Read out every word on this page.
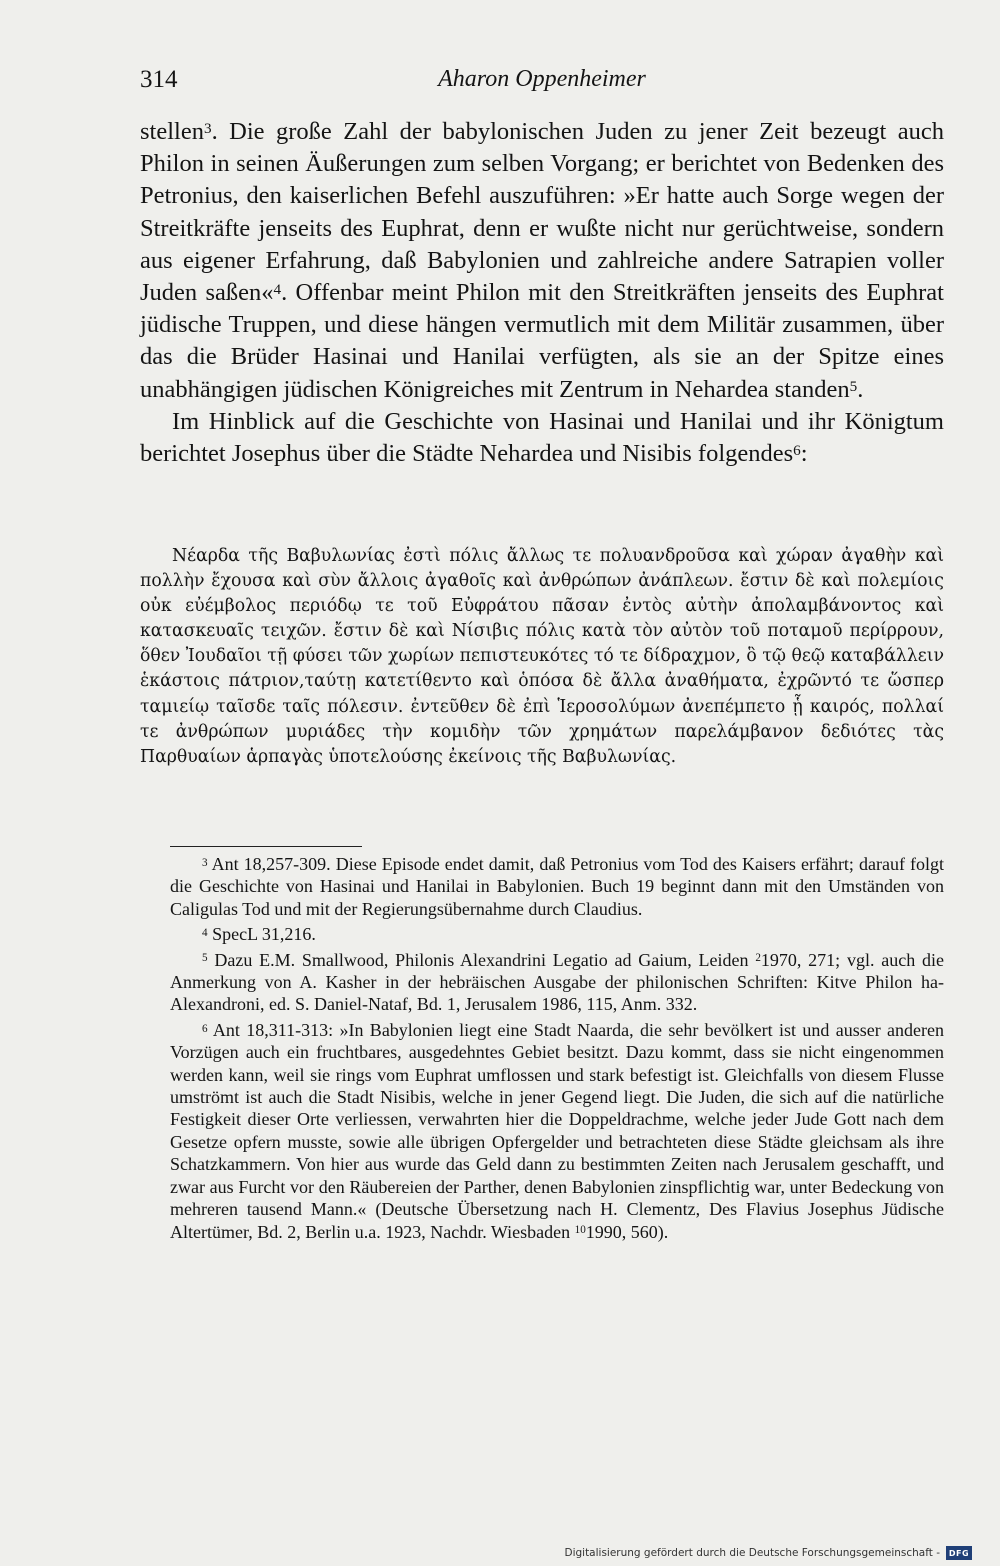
314	Aharon Oppenheimer

stellen$^3$. Die große Zahl der babylonischen Juden zu jener Zeit bezeugt auch Philon in seinen Äußerungen zum selben Vorgang; er berichtet von Bedenken des Petronius, den kaiserlichen Befehl auszuführen: »Er hatte auch Sorge wegen der Streitkräfte jenseits des Euphrat, denn er wußte nicht nur gerüchtweise, sondern aus eigener Erfahrung, daß Babylonien und zahlreiche andere Satrapien voller Juden saßen«$^4$. Offenbar meint Philon mit den Streitkräften jenseits des Euphrat jüdische Truppen, und diese hängen vermutlich mit dem Militär zusammen, über das die Brüder Hasinai und Hanilai verfügten, als sie an der Spitze eines unabhängigen jüdischen Königreiches mit Zentrum in Nehardea standen$^5$.

Im Hinblick auf die Geschichte von Hasinai und Hanilai und ihr Königtum berichtet Josephus über die Städte Nehardea und Nisibis folgendes$^6$:

Νέαρδα τῆς Βαβυλωνίας ἐστὶ πόλις ἄλλως τε πολυανδροῦσα καὶ χώραν ἀγαθὴν καὶ πολλὴν ἔχουσα καὶ σὺν ἄλλοις ἀγαθοῖς καὶ ἀνθρώπων ἀνάπλεων. ἔστιν δὲ καὶ πολεμίοις οὐκ εὐέμβολος περιόδῳ τε τοῦ Εὐφράτου πᾶσαν ἐντὸς αὐτὴν ἀπολαμβάνοντος καὶ κατασκευαῖς τειχῶν. ἔστιν δὲ καὶ Νίσιβις πόλις κατὰ τὸν αὐτὸν τοῦ ποταμοῦ περίρρουν, ὅθεν Ἰουδαῖοι τῇ φύσει τῶν χωρίων πεπιστευκότες τό τε δίδραχμον, ὃ τῷ θεῷ καταβάλλειν ἑκάστοις πάτριον,ταύτῃ κατετίθεντο καὶ ὁπόσα δὲ ἄλλα ἀναθήματα, ἐχρῶντό τε ὥσπερ ταμιείῳ ταῖσδε ταῖς πόλεσιν. ἐντεῦθεν δὲ ἐπὶ Ἱεροσολύμων ἀνεπέμπετο ᾗ καιρός, πολλαί τε ἀνθρώπων μυριάδες τὴν κομιδὴν τῶν χρημάτων παρελάμβανον δεδιότες τὰς Παρθυαίων ἁρπαγὰς ὑποτελούσης ἐκείνοις τῆς Βαβυλωνίας.

$^3$ Ant 18,257-309. Diese Episode endet damit, daß Petronius vom Tod des Kaisers erfährt; darauf folgt die Geschichte von Hasinai und Hanilai in Babylonien. Buch 19 beginnt dann mit den Umständen von Caligulas Tod und mit der Regierungsübernahme durch Claudius.

$^4$ SpecL 31,216.

$^5$ Dazu E.M. Smallwood, Philonis Alexandrini Legatio ad Gaium, Leiden $^2$1970, 271; vgl. auch die Anmerkung von A. Kasher in der hebräischen Ausgabe der philonischen Schriften: Kitve Philon ha-Alexandroni, ed. S. Daniel-Nataf, Bd. 1, Jerusalem 1986, 115, Anm. 332.

$^6$ Ant 18,311-313: »In Babylonien liegt eine Stadt Naarda, die sehr bevölkert ist und ausser anderen Vorzügen auch ein fruchtbares, ausgedehntes Gebiet besitzt. Dazu kommt, dass sie nicht eingenommen werden kann, weil sie rings vom Euphrat umflossen und stark befestigt ist. Gleichfalls von diesem Flusse umströmt ist auch die Stadt Nisibis, welche in jener Gegend liegt. Die Juden, die sich auf die natürliche Festigkeit dieser Orte verliessen, verwahrten hier die Doppeldrachme, welche jeder Jude Gott nach dem Gesetze opfern musste, sowie alle übrigen Opfergelder und betrachteten diese Städte gleichsam als ihre Schatzkammern. Von hier aus wurde das Geld dann zu bestimmten Zeiten nach Jerusalem geschafft, und zwar aus Furcht vor den Räubereien der Parther, denen Babylonien zinspflichtig war, unter Bedeckung von mehreren tausend Mann.« (Deutsche Übersetzung nach H. Clementz, Des Flavius Josephus Jüdische Altertümer, Bd. 2, Berlin u.a. 1923, Nachdr. Wiesbaden $^{10}$1990, 560).

Digitalisierung gefördert durch die Deutsche Forschungsgemeinschaft -	DFG
